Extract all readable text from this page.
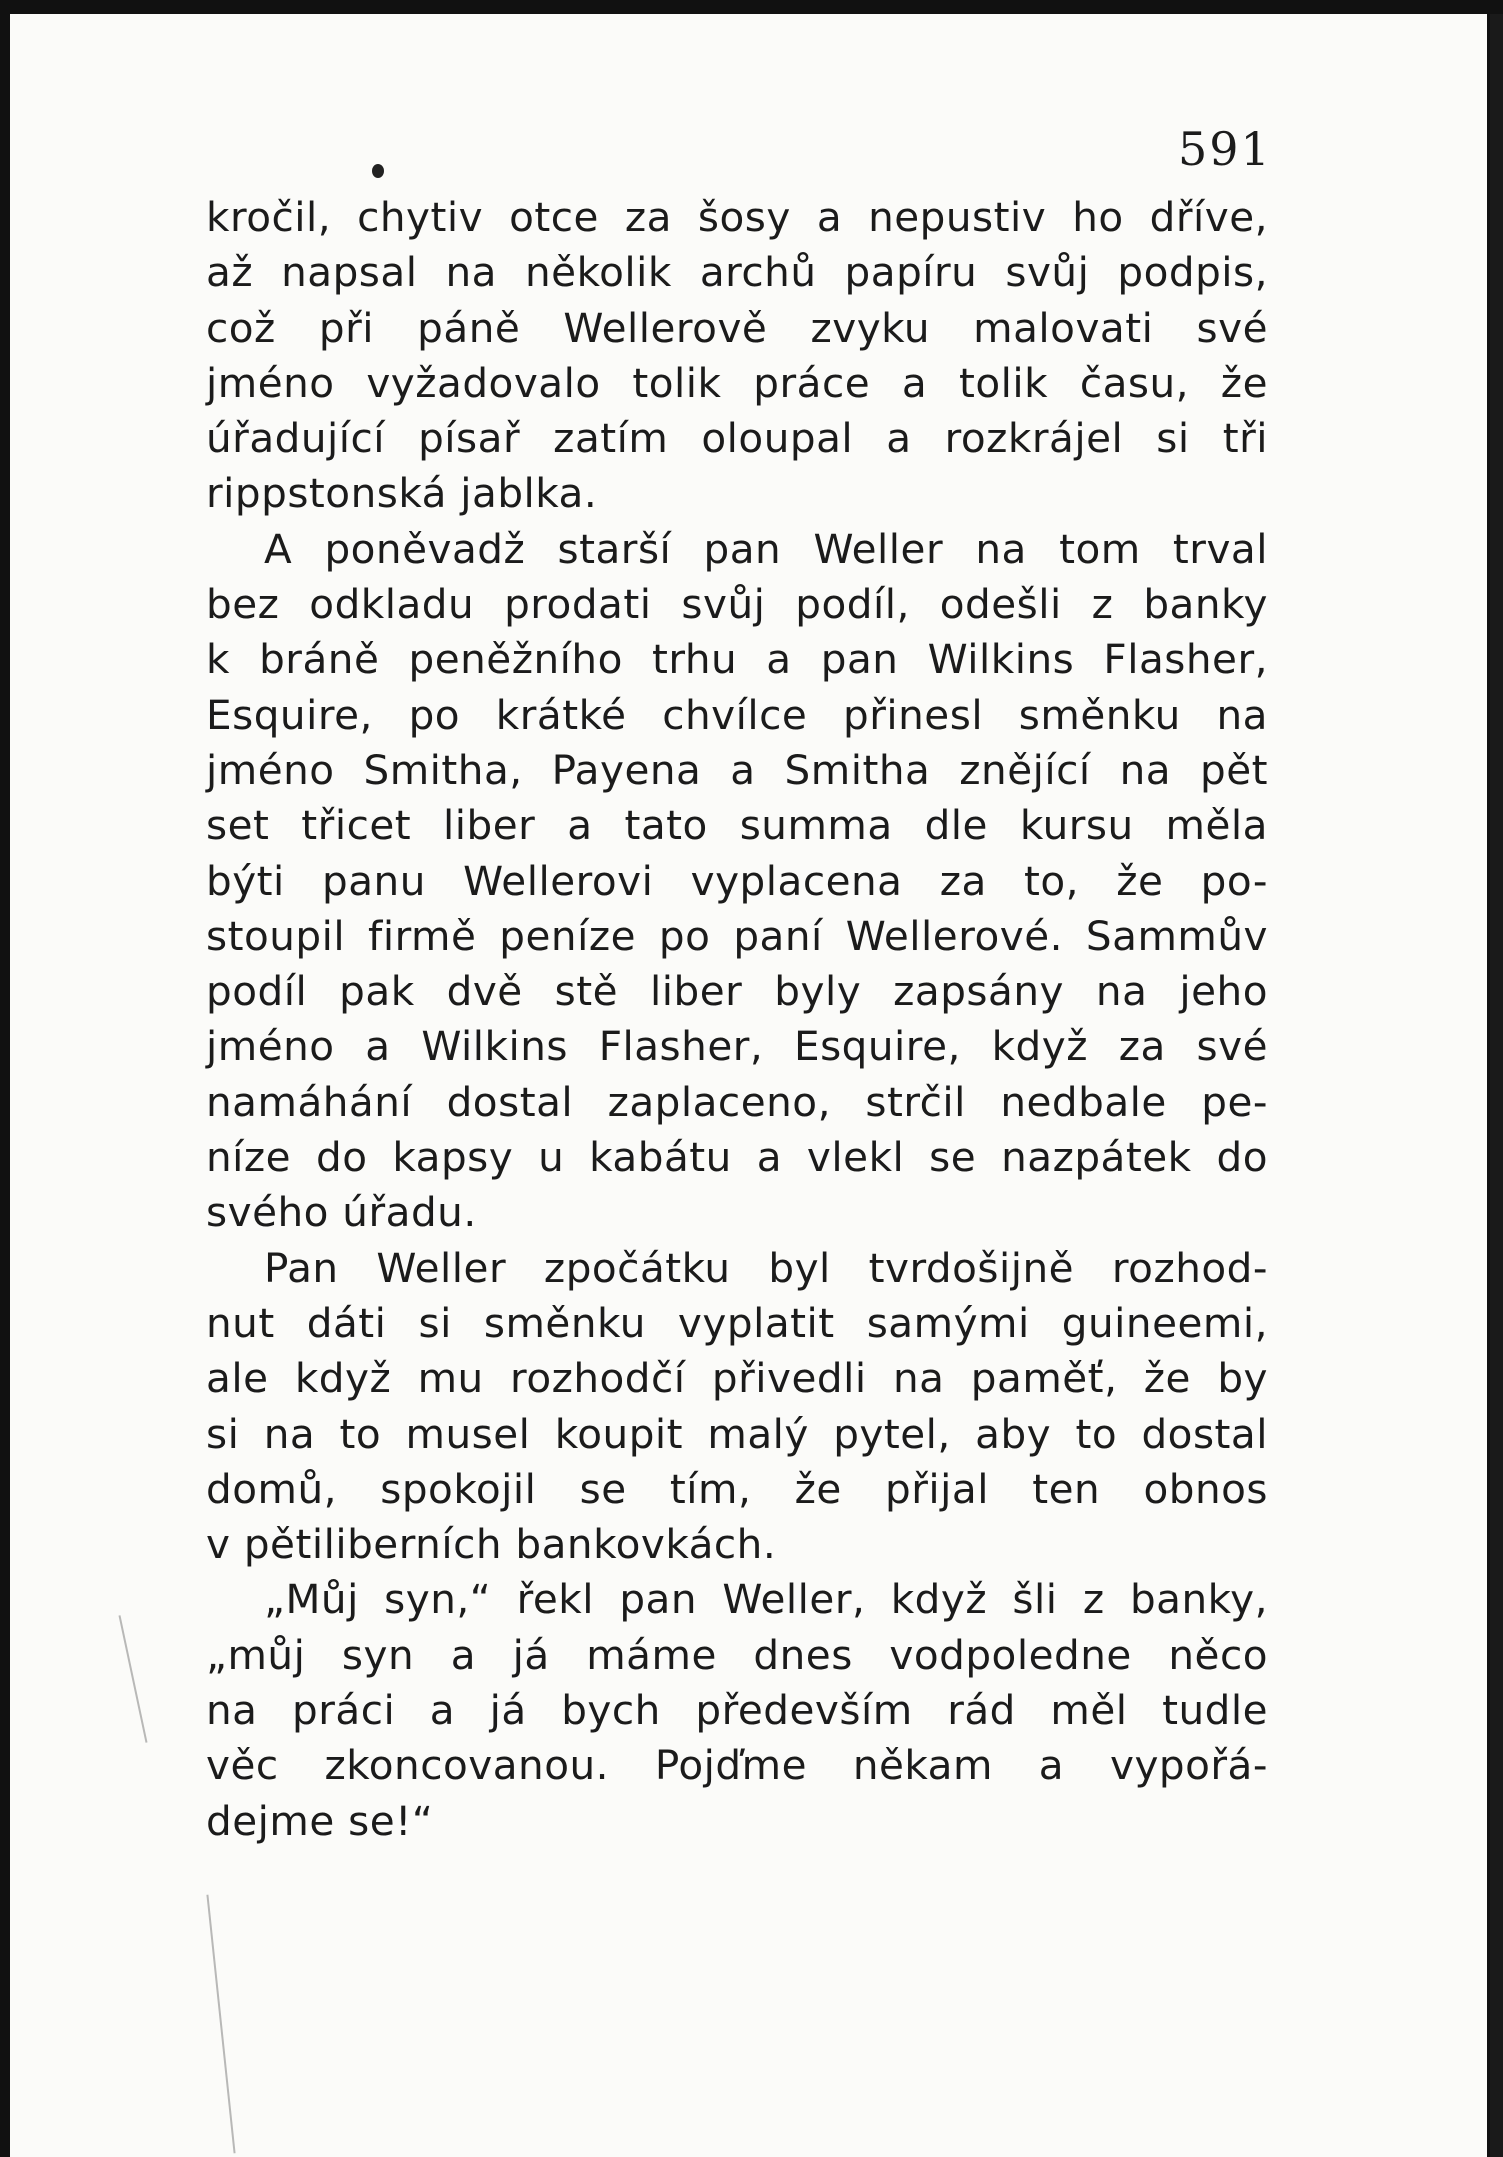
591
kročil, chytiv otce za šosy a nepustiv ho dříve,
až napsal na několik archů papíru svůj podpis,
což při páně Wellerově zvyku malovati své
jméno vyžadovalo tolik práce a tolik času, že
úřadující písař zatím oloupal a rozkrájel si tři
rippstonská jablka.
A poněvadž starší pan Weller na tom trval
bez odkladu prodati svůj podíl, odešli z banky
k bráně peněžního trhu a pan Wilkins Flasher,
Esquire, po krátké chvílce přinesl směnku na
jméno Smitha, Payena a Smitha znějící na pět
set třicet liber a tato summa dle kursu měla
býti panu Wellerovi vyplacena za to, že po-
stoupil firmě peníze po paní Wellerové. Sammův
podíl pak dvě stě liber byly zapsány na jeho
jméno a Wilkins Flasher, Esquire, když za své
namáhání dostal zaplaceno, strčil nedbale pe-
níze do kapsy u kabátu a vlekl se nazpátek do
svého úřadu.
Pan Weller zpočátku byl tvrdošijně rozhod-
nut dáti si směnku vyplatit samými guineemi,
ale když mu rozhodčí přivedli na paměť, že by
si na to musel koupit malý pytel, aby to dostal
domů, spokojil se tím, že přijal ten obnos
v pětiliberních bankovkách.
„Můj syn,“ řekl pan Weller, když šli z banky,
„můj syn a já máme dnes vodpoledne něco
na práci a já bych především rád měl tudle
věc zkoncovanou. Pojďme někam a vypořá-
dejme se!“
